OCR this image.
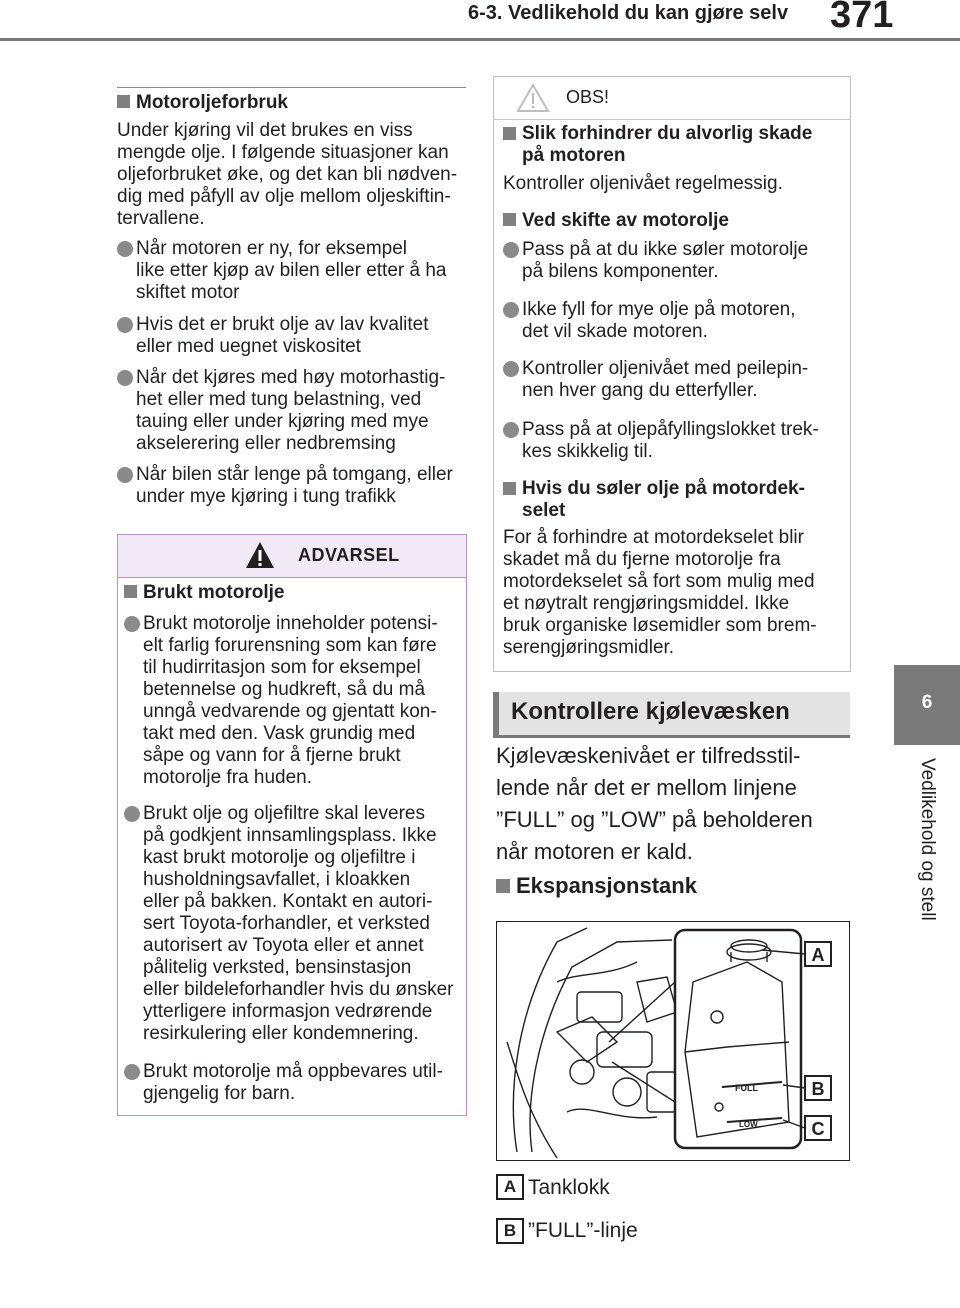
6-3. Vedlikehold du kan gjøre selv 371
6
Vedlikehold og stell
Motoroljeforbruk
Under kjøring vil det brukes en viss
mengde olje. I følgende situasjoner kan
oljeforbruket øke, og det kan bli nødven-
dig med påfyll av olje mellom oljeskiftin-
tervallene.
Når motoren er ny, for eksempel
like etter kjøp av bilen eller etter å ha
skiftet motor
Hvis det er brukt olje av lav kvalitet
eller med uegnet viskositet
Når det kjøres med høy motorhastig-
het eller med tung belastning, ved
tauing eller under kjøring med mye
akselerering eller nedbremsing
Når bilen står lenge på tomgang, eller
under mye kjøring i tung trafikk
ADVARSEL
Brukt motorolje
Brukt motorolje inneholder potensi-
elt farlig forurensning som kan føre
til hudirritasjon som for eksempel
betennelse og hudkreft, så du må
unngå vedvarende og gjentatt kon-
takt med den. Vask grundig med
såpe og vann for å fjerne brukt
motorolje fra huden.
Brukt olje og oljefiltre skal leveres
på godkjent innsamlingsplass. Ikke
kast brukt motorolje og oljefiltre i
husholdningsavfallet, i kloakken
eller på bakken. Kontakt en autori-
sert Toyota-forhandler, et verksted
autorisert av Toyota eller et annet
pålitelig verksted, bensinstasjon
eller bildeleforhandler hvis du ønsker
ytterligere informasjon vedrørende
resirkulering eller kondemnering.
Brukt motorolje må oppbevares util-
gjengelig for barn.
OBS!
Slik forhindrer du alvorlig skade
på motoren
Kontroller oljenivået regelmessig.
Ved skifte av motorolje
Pass på at du ikke søler motorolje
på bilens komponenter.
Ikke fyll for mye olje på motoren,
det vil skade motoren.
Kontroller oljenivået med peilepin-
nen hver gang du etterfyller.
Pass på at oljepåfyllingslokket trek-
kes skikkelig til.
Hvis du søler olje på motordek-
selet
For å forhindre at motordekselet blir
skadet må du fjerne motorolje fra
motordekselet så fort som mulig med
et nøytralt rengjøringsmiddel. Ikke
bruk organiske løsemidler som brem-
serengjøringsmidler.
Kontrollere kjølevæsken
Kjølevæskenivået er tilfredsstil-
lende når det er mellom linjene
”FULL” og ”LOW” på beholderen
når motoren er kald.
Ekspansjonstank
FULL
LOW
A
B
C
A Tanklokk
B ”FULL”-linje
